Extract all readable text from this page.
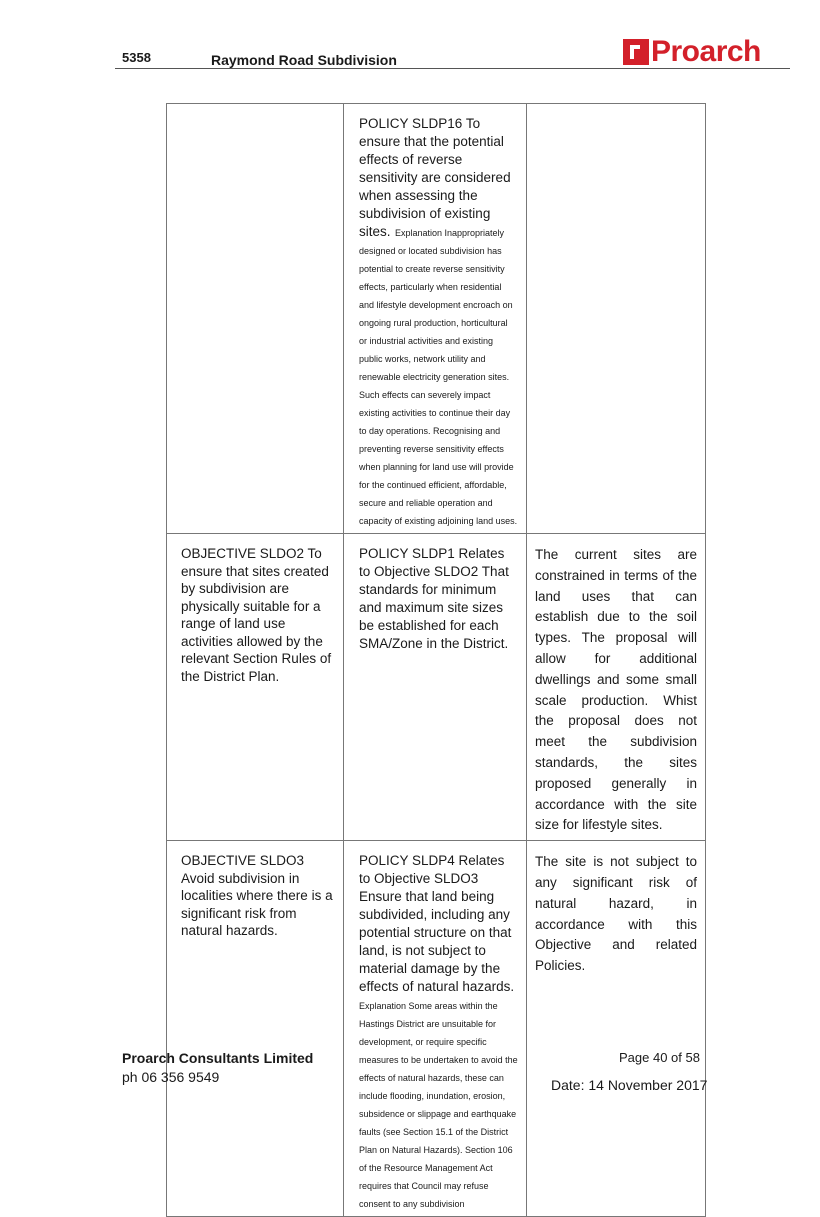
5358	Raymond Road Subdivision	Proarch
	POLICY SLDP16 To ensure that the potential effects of reverse sensitivity are considered when assessing the subdivision of existing sites. Explanation Inappropriately designed or located subdivision has potential to create reverse sensitivity effects, particularly when residential and lifestyle development encroach on ongoing rural production, horticultural or industrial activities and existing public works, network utility and renewable electricity generation sites. Such effects can severely impact existing activities to continue their day to day operations. Recognising and preventing reverse sensitivity effects when planning for land use will provide for the continued efficient, affordable, secure and reliable operation and capacity of existing adjoining land uses.	
OBJECTIVE SLDO2 To ensure that sites created by subdivision are physically suitable for a range of land use activities allowed by the relevant Section Rules of the District Plan.	POLICY SLDP1 Relates to Objective SLDO2 That standards for minimum and maximum site sizes be established for each SMA/Zone in the District.	The current sites are constrained in terms of the land uses that can establish due to the soil types. The proposal will allow for additional dwellings and some small scale production. Whist the proposal does not meet the subdivision standards, the sites proposed generally in accordance with the site size for lifestyle sites.
OBJECTIVE SLDO3 Avoid subdivision in localities where there is a significant risk from natural hazards.	POLICY SLDP4 Relates to Objective SLDO3 Ensure that land being subdivided, including any potential structure on that land, is not subject to material damage by the effects of natural hazards. Explanation Some areas within the Hastings District are unsuitable for development, or require specific measures to be undertaken to avoid the effects of natural hazards, these can include flooding, inundation, erosion, subsidence or slippage and earthquake faults (see Section 15.1 of the District Plan on Natural Hazards). Section 106 of the Resource Management Act requires that Council may refuse consent to any subdivision	The site is not subject to any significant risk of natural hazard, in accordance with this Objective and related Policies.
Proarch Consultants Limited
ph 06 356 9549
Page 40 of 58
Date: 14 November 2017
